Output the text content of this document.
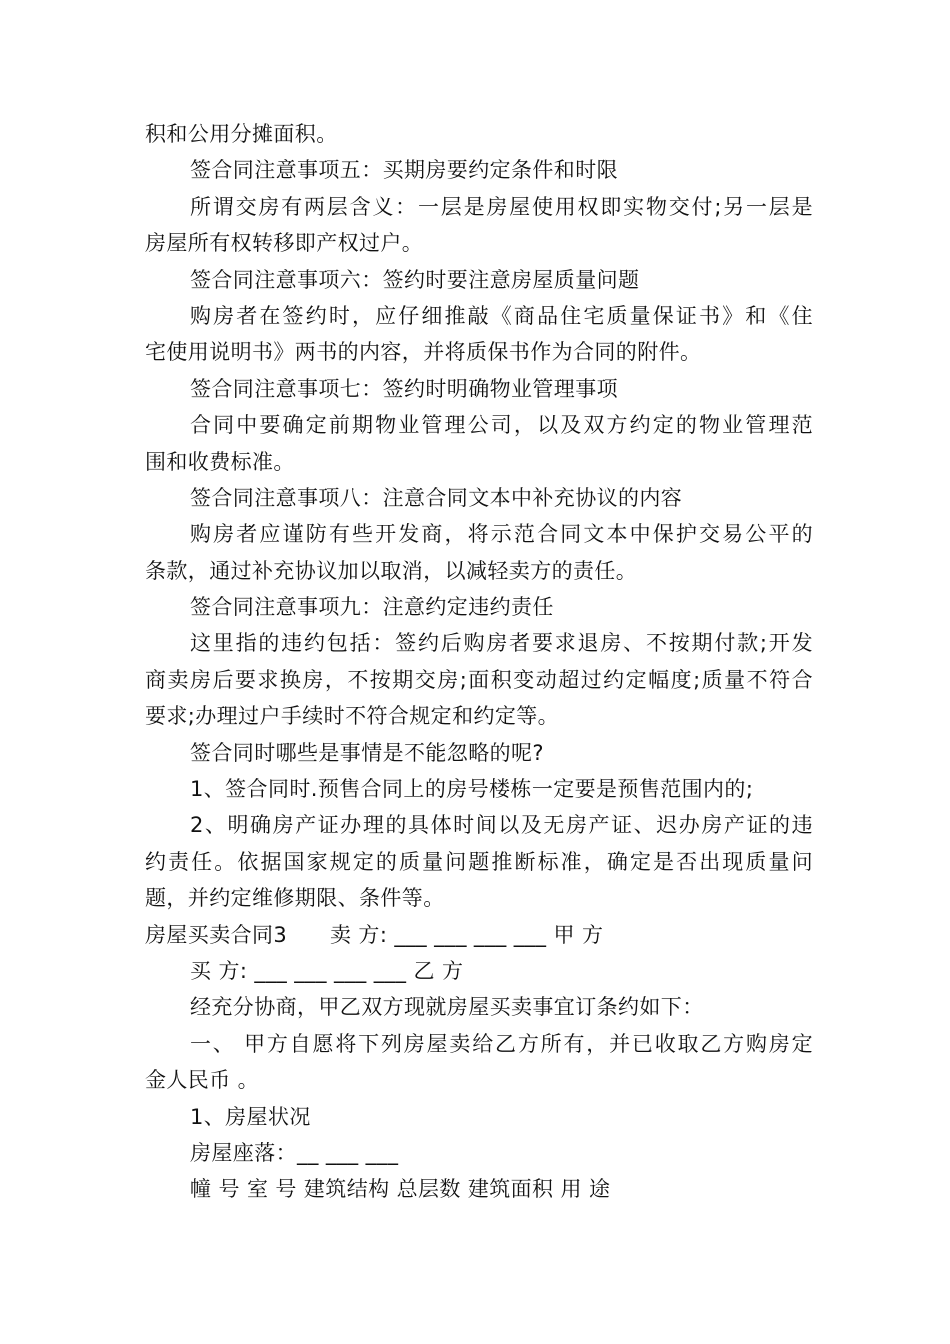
积和公用分摊面积。
签合同注意事项五：买期房要约定条件和时限
所谓交房有两层含义：一层是房屋使用权即实物交付;另一层是
房屋所有权转移即产权过户。
签合同注意事项六：签约时要注意房屋质量问题
购房者在签约时，应仔细推敲《商品住宅质量保证书》和《住
宅使用说明书》两书的内容，并将质保书作为合同的附件。
签合同注意事项七：签约时明确物业管理事项
合同中要确定前期物业管理公司，以及双方约定的物业管理范
围和收费标准。
签合同注意事项八：注意合同文本中补充协议的内容
购房者应谨防有些开发商，将示范合同文本中保护交易公平的
条款，通过补充协议加以取消，以减轻卖方的责任。
签合同注意事项九：注意约定违约责任
这里指的违约包括：签约后购房者要求退房、不按期付款;开发
商卖房后要求换房，不按期交房;面积变动超过约定幅度;质量不符合
要求;办理过户手续时不符合规定和约定等。
签合同时哪些是事情是不能忽略的呢?
1、签合同时.预售合同上的房号楼栋一定要是预售范围内的;
2、明确房产证办理的具体时间以及无房产证、迟办房产证的违
约责任。依据国家规定的质量问题推断标准，确定是否出现质量问
题，并约定维修期限、条件等。
房屋买卖合同3　　卖 方: ___ ___ ___ ___ 甲 方
买 方: ___ ___ ___ ___ 乙 方
经充分协商，甲乙双方现就房屋买卖事宜订条约如下：
一、 甲方自愿将下列房屋卖给乙方所有，并已收取乙方购房定
金人民币 。
1、房屋状况
房屋座落：__ ___ ___
幢 号 室 号 建筑结构 总层数 建筑面积 用 途
